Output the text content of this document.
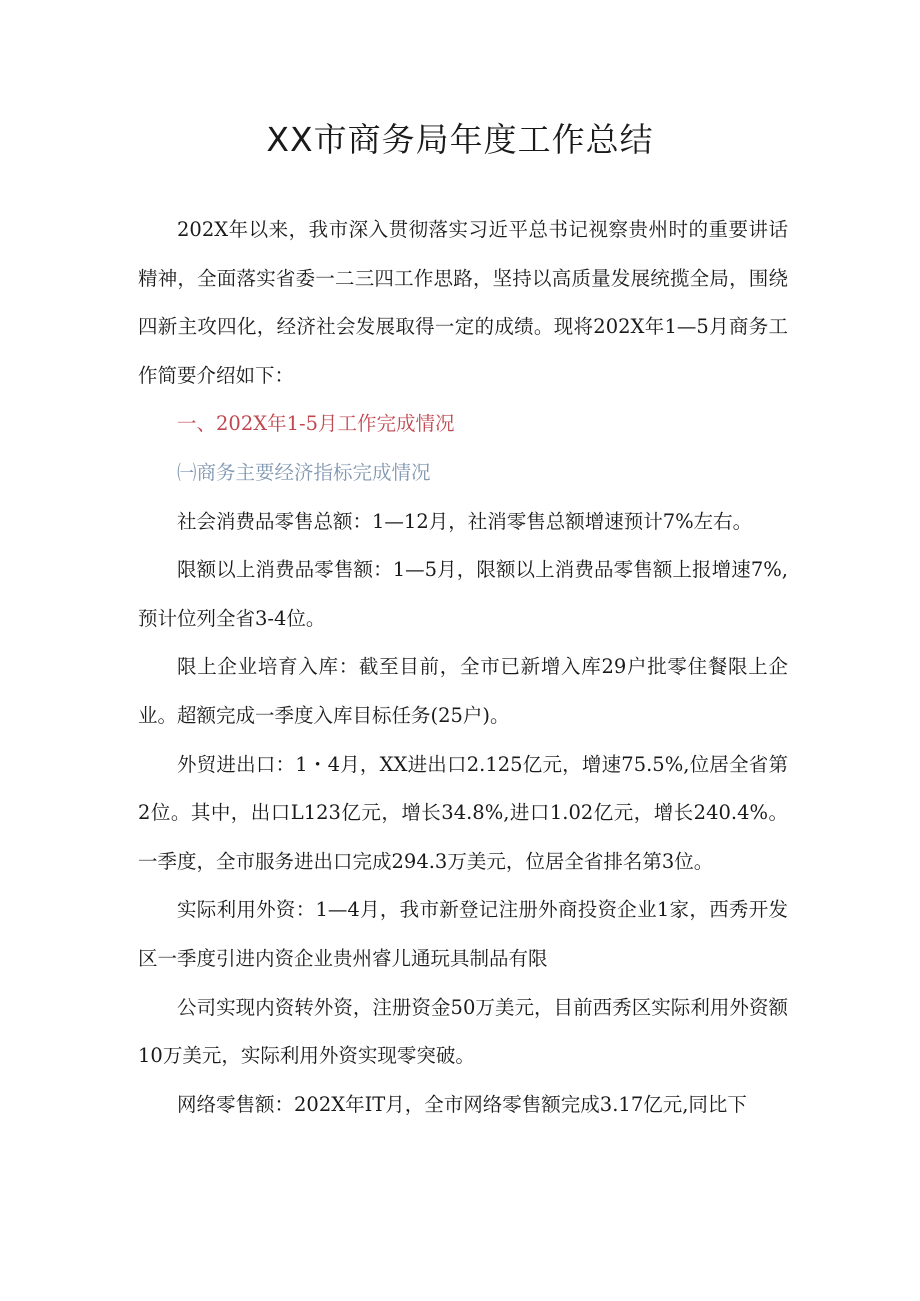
XX市商务局年度工作总结

202X年以来，我市深入贯彻落实习近平总书记视察贵州时的重要讲话精神，全面落实省委一二三四工作思路，坚持以高质量发展统揽全局，围绕四新主攻四化，经济社会发展取得一定的成绩。现将202X年1—5月商务工作简要介绍如下：

一、202X年1-5月工作完成情况

㈠商务主要经济指标完成情况

社会消费品零售总额：1—12月，社消零售总额增速预计7%左右。

限额以上消费品零售额：1—5月，限额以上消费品零售额上报增速7%,预计位列全省3-4位。

限上企业培育入库：截至目前，全市已新增入库29户批零住餐限上企业。超额完成一季度入库目标任务(25户)。

外贸进出口：1・4月，XX进出口2.125亿元，增速75.5%,位居全省第2位。其中，出口L123亿元，增长34.8%,进口1.02亿元，增长240.4%。一季度，全市服务进出口完成294.3万美元，位居全省排名第3位。

实际利用外资：1—4月，我市新登记注册外商投资企业1家，西秀开发区一季度引进内资企业贵州睿儿通玩具制品有限

公司实现内资转外资，注册资金50万美元，目前西秀区实际利用外资额10万美元，实际利用外资实现零突破。

网络零售额：202X年IT月，全市网络零售额完成3.17亿元,同比下
